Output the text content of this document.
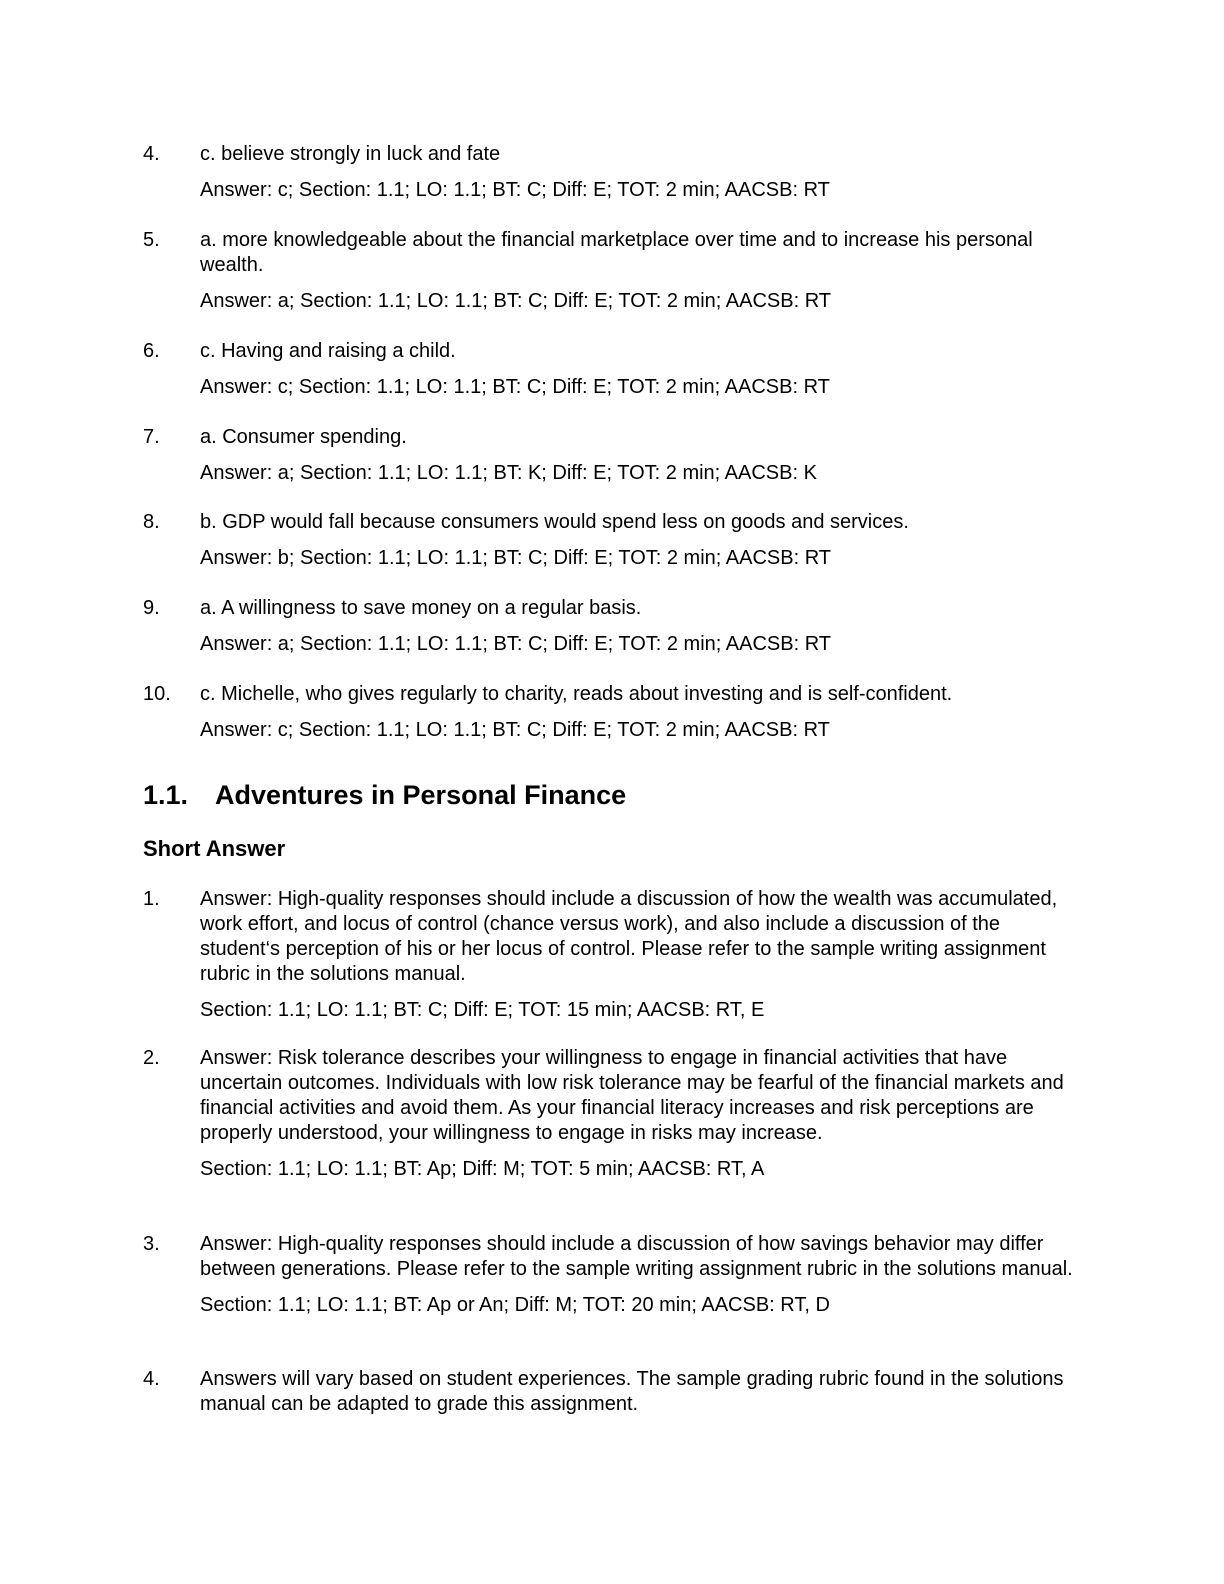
4.	c. believe strongly in luck and fate
Answer: c; Section: 1.1; LO: 1.1; BT: C; Diff: E; TOT: 2 min; AACSB: RT
5.	a. more knowledgeable about the financial marketplace over time and to increase his personal wealth.
Answer: a; Section: 1.1; LO: 1.1; BT: C; Diff: E; TOT: 2 min; AACSB: RT
6.	c. Having and raising a child.
Answer: c; Section: 1.1; LO: 1.1; BT: C; Diff: E; TOT: 2 min; AACSB: RT
7.	a. Consumer spending.
Answer: a; Section: 1.1; LO: 1.1; BT: K; Diff: E; TOT: 2 min; AACSB: K
8.	b. GDP would fall because consumers would spend less on goods and services.
Answer: b; Section: 1.1; LO: 1.1; BT: C; Diff: E; TOT: 2 min; AACSB: RT
9.	a. A willingness to save money on a regular basis.
Answer: a; Section: 1.1; LO: 1.1; BT: C; Diff: E; TOT: 2 min; AACSB: RT
10.	c. Michelle, who gives regularly to charity, reads about investing and is self-confident.
Answer: c; Section: 1.1; LO: 1.1; BT: C; Diff: E; TOT: 2 min; AACSB: RT
1.1. Adventures in Personal Finance
Short Answer
1.	Answer: High-quality responses should include a discussion of how the wealth was accumulated, work effort, and locus of control (chance versus work), and also include a discussion of the student‘s perception of his or her locus of control. Please refer to the sample writing assignment rubric in the solutions manual.
Section: 1.1; LO: 1.1; BT: C; Diff: E; TOT: 15 min; AACSB: RT, E
2.	Answer: Risk tolerance describes your willingness to engage in financial activities that have uncertain outcomes. Individuals with low risk tolerance may be fearful of the financial markets and financial activities and avoid them. As your financial literacy increases and risk perceptions are properly understood, your willingness to engage in risks may increase.
Section: 1.1; LO: 1.1; BT: Ap; Diff: M; TOT: 5 min; AACSB: RT, A
3.	Answer: High-quality responses should include a discussion of how savings behavior may differ between generations. Please refer to the sample writing assignment rubric in the solutions manual.
Section: 1.1; LO: 1.1; BT: Ap or An; Diff: M; TOT: 20 min; AACSB: RT, D
4.	Answers will vary based on student experiences. The sample grading rubric found in the solutions manual can be adapted to grade this assignment.
